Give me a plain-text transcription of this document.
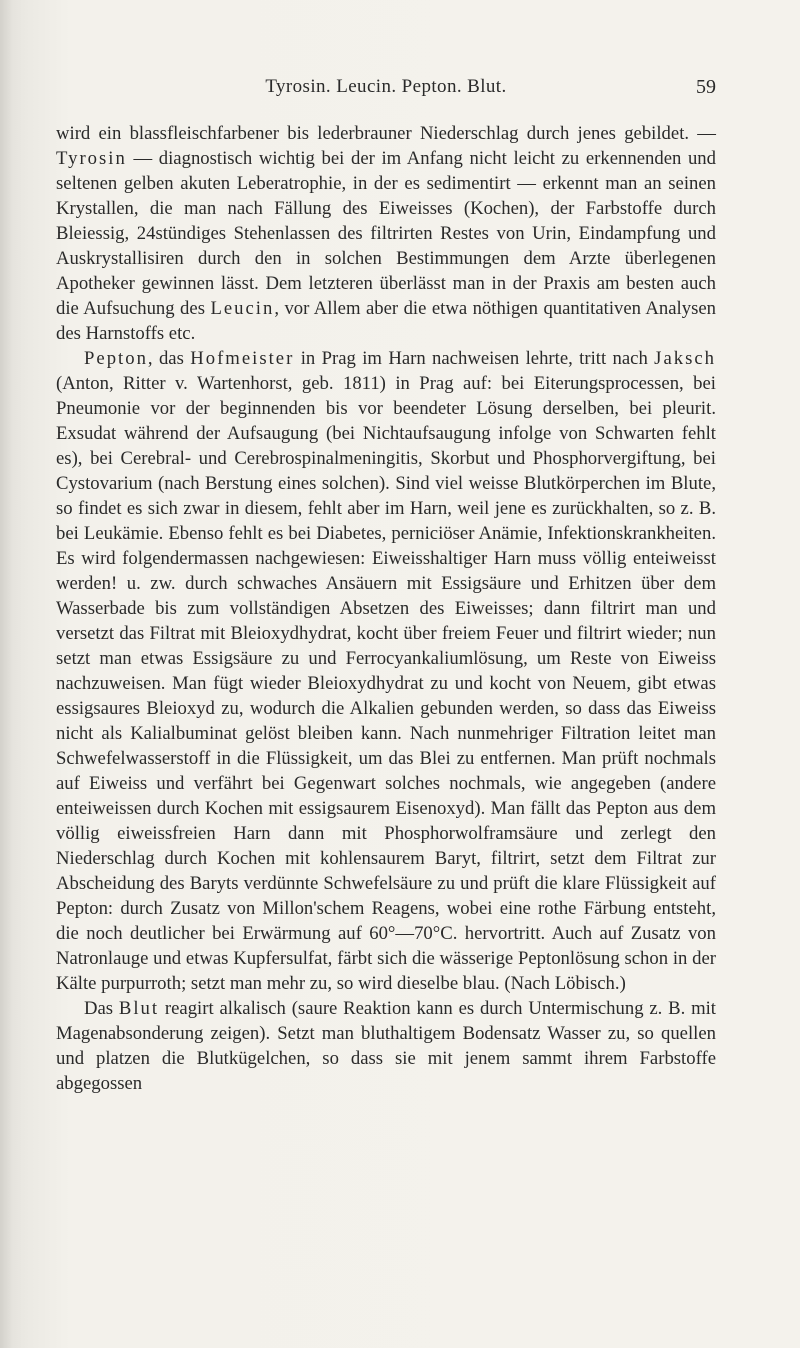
Tyrosin. Leucin. Pepton. Blut.	59

wird ein blassfleischfarbener bis lederbrauner Niederschlag durch jenes gebildet. — Tyrosin — diagnostisch wichtig bei der im Anfang nicht leicht zu erkennenden und seltenen gelben akuten Leberatrophie, in der es sedimentirt — erkennt man an seinen Krystallen, die man nach Fällung des Eiweisses (Kochen), der Farbstoffe durch Bleiessig, 24stündiges Stehenlassen des filtrirten Restes von Urin, Eindampfung und Auskrystallisiren durch den in solchen Bestimmungen dem Arzte überlegenen Apotheker gewinnen lässt. Dem letzteren überlässt man in der Praxis am besten auch die Aufsuchung des Leucin, vor Allem aber die etwa nöthigen quantitativen Analysen des Harnstoffs etc.

Pepton, das Hofmeister in Prag im Harn nachweisen lehrte, tritt nach Jaksch (Anton, Ritter v. Wartenhorst, geb. 1811) in Prag auf: bei Eiterungsprocessen, bei Pneumonie vor der beginnenden bis vor beendeter Lösung derselben, bei pleurit. Exsudat während der Aufsaugung (bei Nichtaufsaugung infolge von Schwarten fehlt es), bei Cerebral- und Cerebrospinalmeningitis, Skorbut und Phosphorvergiftung, bei Cystovarium (nach Berstung eines solchen). Sind viel weisse Blutkörperchen im Blute, so findet es sich zwar in diesem, fehlt aber im Harn, weil jene es zurückhalten, so z. B. bei Leukämie. Ebenso fehlt es bei Diabetes, perniciöser Anämie, Infektionskrankheiten. Es wird folgendermassen nachgewiesen: Eiweisshaltiger Harn muss völlig enteiweisst werden! u. zw. durch schwaches Ansäuern mit Essigsäure und Erhitzen über dem Wasserbade bis zum vollständigen Absetzen des Eiweisses; dann filtrirt man und versetzt das Filtrat mit Bleioxydhydrat, kocht über freiem Feuer und filtrirt wieder; nun setzt man etwas Essigsäure zu und Ferrocyankaliumlösung, um Reste von Eiweiss nachzuweisen. Man fügt wieder Bleioxydhydrat zu und kocht von Neuem, gibt etwas essigsaures Bleioxyd zu, wodurch die Alkalien gebunden werden, so dass das Eiweiss nicht als Kalialbuminat gelöst bleiben kann. Nach nunmehriger Filtration leitet man Schwefelwasserstoff in die Flüssigkeit, um das Blei zu entfernen. Man prüft nochmals auf Eiweiss und verfährt bei Gegenwart solches nochmals, wie angegeben (andere enteiweissen durch Kochen mit essigsaurem Eisenoxyd). Man fällt das Pepton aus dem völlig eiweissfreien Harn dann mit Phosphorwolframsäure und zerlegt den Niederschlag durch Kochen mit kohlensaurem Baryt, filtrirt, setzt dem Filtrat zur Abscheidung des Baryts verdünnte Schwefelsäure zu und prüft die klare Flüssigkeit auf Pepton: durch Zusatz von Millon'schem Reagens, wobei eine rothe Färbung entsteht, die noch deutlicher bei Erwärmung auf 60°—70°C. hervortritt. Auch auf Zusatz von Natronlauge und etwas Kupfersulfat, färbt sich die wässerige Peptonlösung schon in der Kälte purpurroth; setzt man mehr zu, so wird dieselbe blau. (Nach Löbisch.)

Das Blut reagirt alkalisch (saure Reaktion kann es durch Untermischung z. B. mit Magenabsonderung zeigen). Setzt man bluthaltigem Bodensatz Wasser zu, so quellen und platzen die Blutkügelchen, so dass sie mit jenem sammt ihrem Farbstoffe abgegossen
